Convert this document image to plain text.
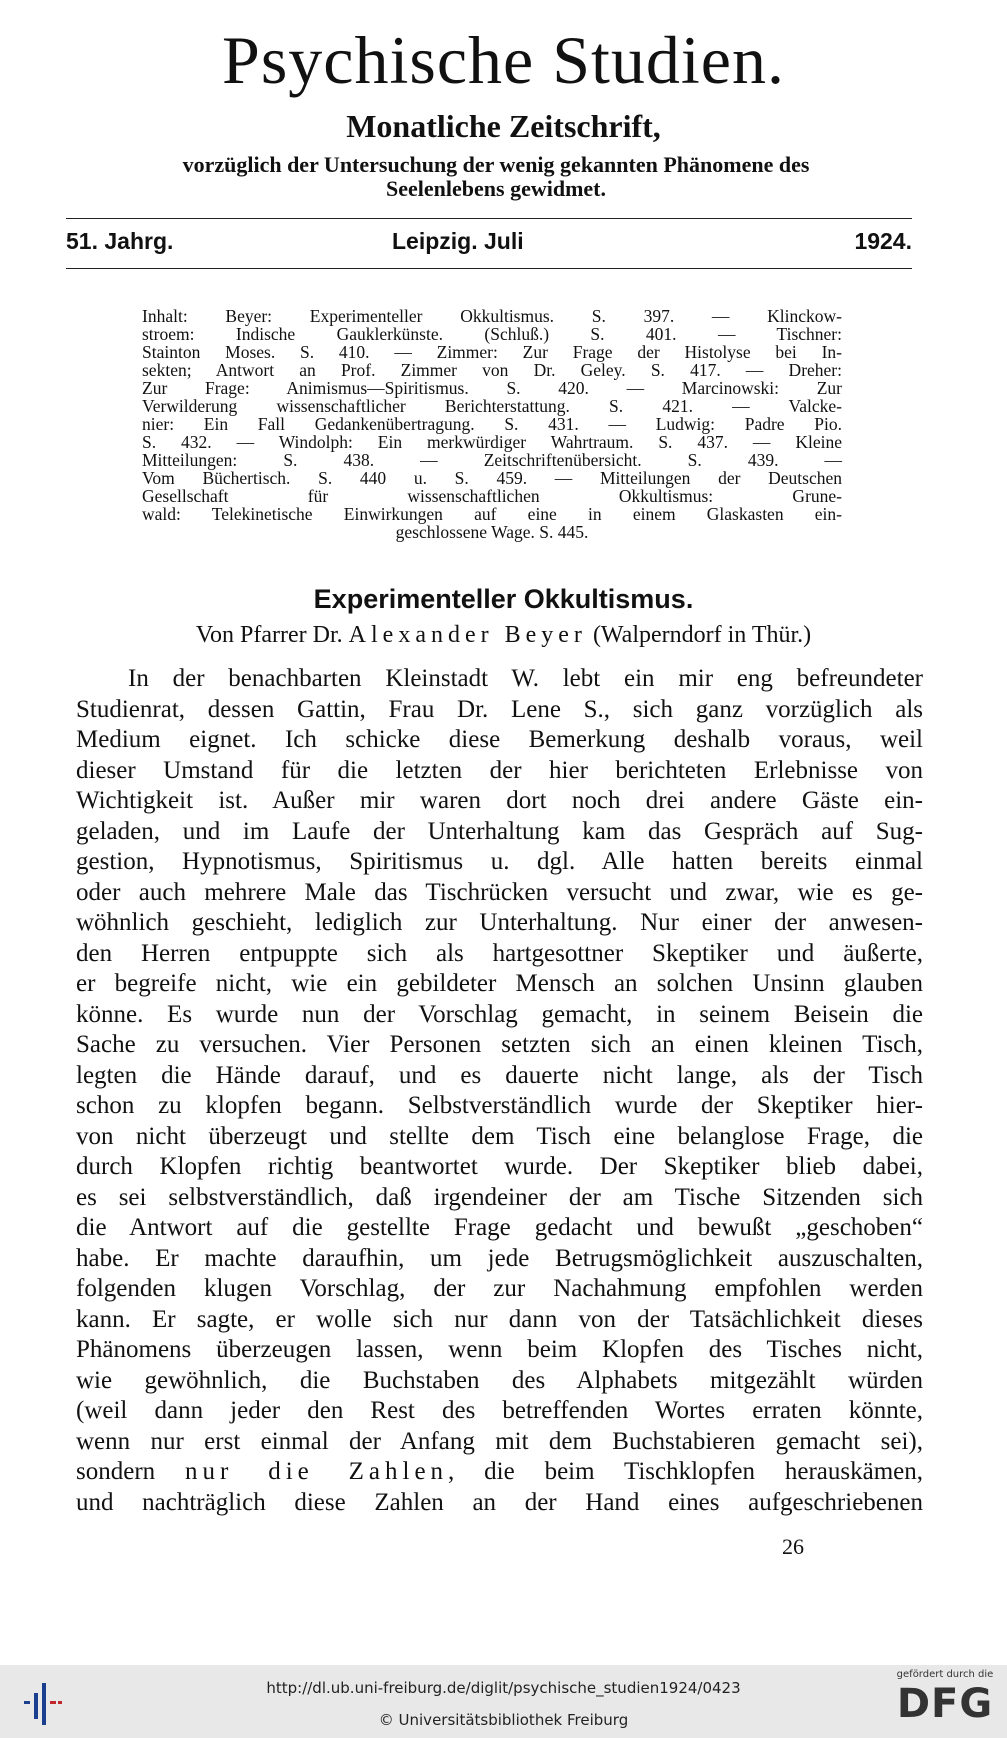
Psychische Studien.
Monatliche Zeitschrift,
vorzüglich der Untersuchung der wenig gekannten Phänomene des
Seelenlebens gewidmet.
51. Jahrg.	Leipzig. Juli	1924.
Inhalt: Beyer: Experimenteller Okkultismus. S. 397. — Klinckow-
stroem: Indische Gauklerkünste. (Schluß.) S. 401. — Tischner:
Stainton Moses. S. 410. — Zimmer: Zur Frage der Histolyse bei In-
sekten; Antwort an Prof. Zimmer von Dr. Geley. S. 417. — Dreher:
Zur Frage: Animismus—Spiritismus. S. 420. — Marcinowski: Zur
Verwilderung wissenschaftlicher Berichterstattung. S. 421. — Valcke-
nier: Ein Fall Gedankenübertragung. S. 431. — Ludwig: Padre Pio.
S. 432. — Windolph: Ein merkwürdiger Wahrtraum. S. 437. — Kleine
Mitteilungen: S. 438. — Zeitschriftenübersicht. S. 439. —
Vom Büchertisch. S. 440 u. S. 459. — Mitteilungen der Deutschen
Gesellschaft für wissenschaftlichen Okkultismus: Grune-
wald: Telekinetische Einwirkungen auf eine in einem Glaskasten ein-
geschlossene Wage. S. 445.
Experimenteller Okkultismus.
Von Pfarrer Dr. Alexander Beyer (Walperndorf in Thür.)
In der benachbarten Kleinstadt W. lebt ein mir eng befreundeter
Studienrat, dessen Gattin, Frau Dr. Lene S., sich ganz vorzüglich als
Medium eignet. Ich schicke diese Bemerkung deshalb voraus, weil
dieser Umstand für die letzten der hier berichteten Erlebnisse von
Wichtigkeit ist. Außer mir waren dort noch drei andere Gäste ein-
geladen, und im Laufe der Unterhaltung kam das Gespräch auf Sug-
gestion, Hypnotismus, Spiritismus u. dgl. Alle hatten bereits einmal
oder auch mehrere Male das Tischrücken versucht und zwar, wie es ge-
wöhnlich geschieht, lediglich zur Unterhaltung. Nur einer der anwesen-
den Herren entpuppte sich als hartgesottner Skeptiker und äußerte,
er begreife nicht, wie ein gebildeter Mensch an solchen Unsinn glauben
könne. Es wurde nun der Vorschlag gemacht, in seinem Beisein die
Sache zu versuchen. Vier Personen setzten sich an einen kleinen Tisch,
legten die Hände darauf, und es dauerte nicht lange, als der Tisch
schon zu klopfen begann. Selbstverständlich wurde der Skeptiker hier-
von nicht überzeugt und stellte dem Tisch eine belanglose Frage, die
durch Klopfen richtig beantwortet wurde. Der Skeptiker blieb dabei,
es sei selbstverständlich, daß irgendeiner der am Tische Sitzenden sich
die Antwort auf die gestellte Frage gedacht und bewußt „geschoben“
habe. Er machte daraufhin, um jede Betrugsmöglichkeit auszuschalten,
folgenden klugen Vorschlag, der zur Nachahmung empfohlen werden
kann. Er sagte, er wolle sich nur dann von der Tatsächlichkeit dieses
Phänomens überzeugen lassen, wenn beim Klopfen des Tisches nicht,
wie gewöhnlich, die Buchstaben des Alphabets mitgezählt würden
(weil dann jeder den Rest des betreffenden Wortes erraten könnte,
wenn nur erst einmal der Anfang mit dem Buchstabieren gemacht sei),
sondern nur die Zahlen, die beim Tischklopfen herauskämen,
und nachträglich diese Zahlen an der Hand eines aufgeschriebenen
26
http://dl.ub.uni-freiburg.de/diglit/psychische_studien1924/0423
© Universitätsbibliothek Freiburg
gefördert durch die
DFG
